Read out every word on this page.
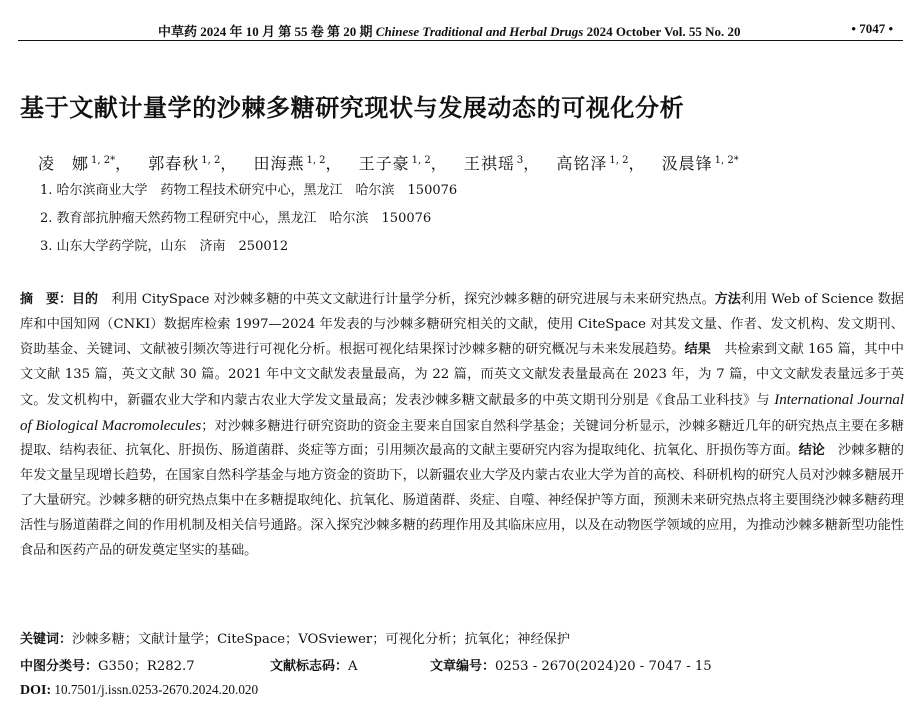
中草药 2024 年 10 月 第 55 卷 第 20 期 Chinese Traditional and Herbal Drugs 2024 October Vol. 55 No. 20	• 7047 •
基于文献计量学的沙棘多糖研究现状与发展动态的可视化分析
凌　娜 $^{1, 2*}$， 郭春秋 $^{1, 2}$， 田海燕 $^{1, 2}$， 王子豪 $^{1, 2}$， 王祺瑶 $^3$， 高铭泽 $^{1, 2}$， 汲晨锋 $^{1, 2*}$
1. 哈尔滨商业大学　药物工程技术研究中心，黑龙江　哈尔滨　150076
2. 教育部抗肿瘤天然药物工程研究中心，黑龙江　哈尔滨　150076
3. 山东大学药学院，山东　济南　250012

摘　要：目的　利用 CitySpace 对沙棘多糖的中英文文献进行计量学分析，探究沙棘多糖的研究进展与未来研究热点。方法利用 Web of Science 数据库和中国知网（CNKI）数据库检索 1997—2024 年发表的与沙棘多糖研究相关的文献，使用 CiteSpace 对其发文量、作者、发文机构、发文期刊、资助基金、关键词、文献被引频次等进行可视化分析。根据可视化结果探讨沙棘多糖的研究概况与未来发展趋势。结果　共检索到文献 165 篇，其中中文文献 135 篇，英文文献 30 篇。2021 年中文文献发表量最高，为 22 篇，而英文文献发表量最高在 2023 年，为 7 篇，中文文献发表量远多于英文。发文机构中，新疆农业大学和内蒙古农业大学发文量最高；发表沙棘多糖文献最多的中英文期刊分别是《食品工业科技》与 International Journal of Biological Macromolecules；对沙棘多糖进行研究资助的资金主要来自国家自然科学基金；关键词分析显示，沙棘多糖近几年的研究热点主要在多糖提取、结构表征、抗氧化、肝损伤、肠道菌群、炎症等方面；引用频次最高的文献主要研究内容为提取纯化、抗氧化、肝损伤等方面。结论　沙棘多糖的年发文量呈现增长趋势，在国家自然科学基金与地方资金的资助下，以新疆农业大学及内蒙古农业大学为首的高校、科研机构的研究人员对沙棘多糖展开了大量研究。沙棘多糖的研究热点集中在多糖提取纯化、抗氧化、肠道菌群、炎症、自噬、神经保护等方面，预测未来研究热点将主要围绕沙棘多糖药理活性与肠道菌群之间的作用机制及相关信号通路。深入探究沙棘多糖的药理作用及其临床应用，以及在动物医学领域的应用，为推动沙棘多糖新型功能性食品和医药产品的研发奠定坚实的基础。

关键词：沙棘多糖；文献计量学；CiteSpace；VOSviewer；可视化分析；抗氧化；神经保护
中图分类号：G350；R282.7	文献标志码：A	文章编号：0253 - 2670(2024)20 - 7047 - 15
DOI: 10.7501/j.issn.0253-2670.2024.20.020
